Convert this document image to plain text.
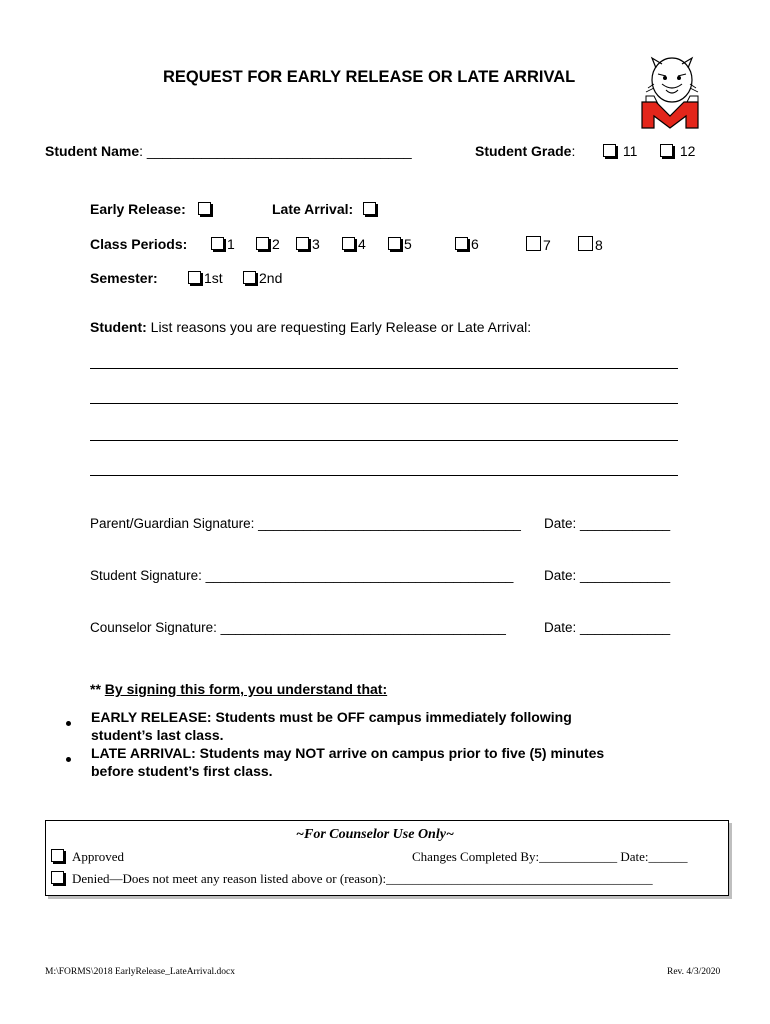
REQUEST FOR EARLY RELEASE OR LATE ARRIVAL
Student Name: __________________________________	Student Grade:	11	12
Early Release:	Late Arrival:
Class Periods:	1	2	3	4	5	6	7	8
Semester:	1st	2nd
Student: List reasons you are requesting Early Release or Late Arrival:
Parent/Guardian Signature: ___________________________________ Date: ____________
Student Signature: _________________________________________ Date: ____________
Counselor Signature: ______________________________________	Date: ____________
** By signing this form, you understand that:
EARLY RELEASE: Students must be OFF campus immediately following
student’s last class.
LATE ARRIVAL: Students may NOT arrive on campus prior to five (5) minutes
before student’s first class.
~For Counselor Use Only~
Approved	Changes Completed By:____________ Date:______
Denied—Does not meet any reason listed above or (reason):_________________________________________
M:\FORMS\2018 EarlyRelease_LateArrival.docx	Rev. 4/3/2020
